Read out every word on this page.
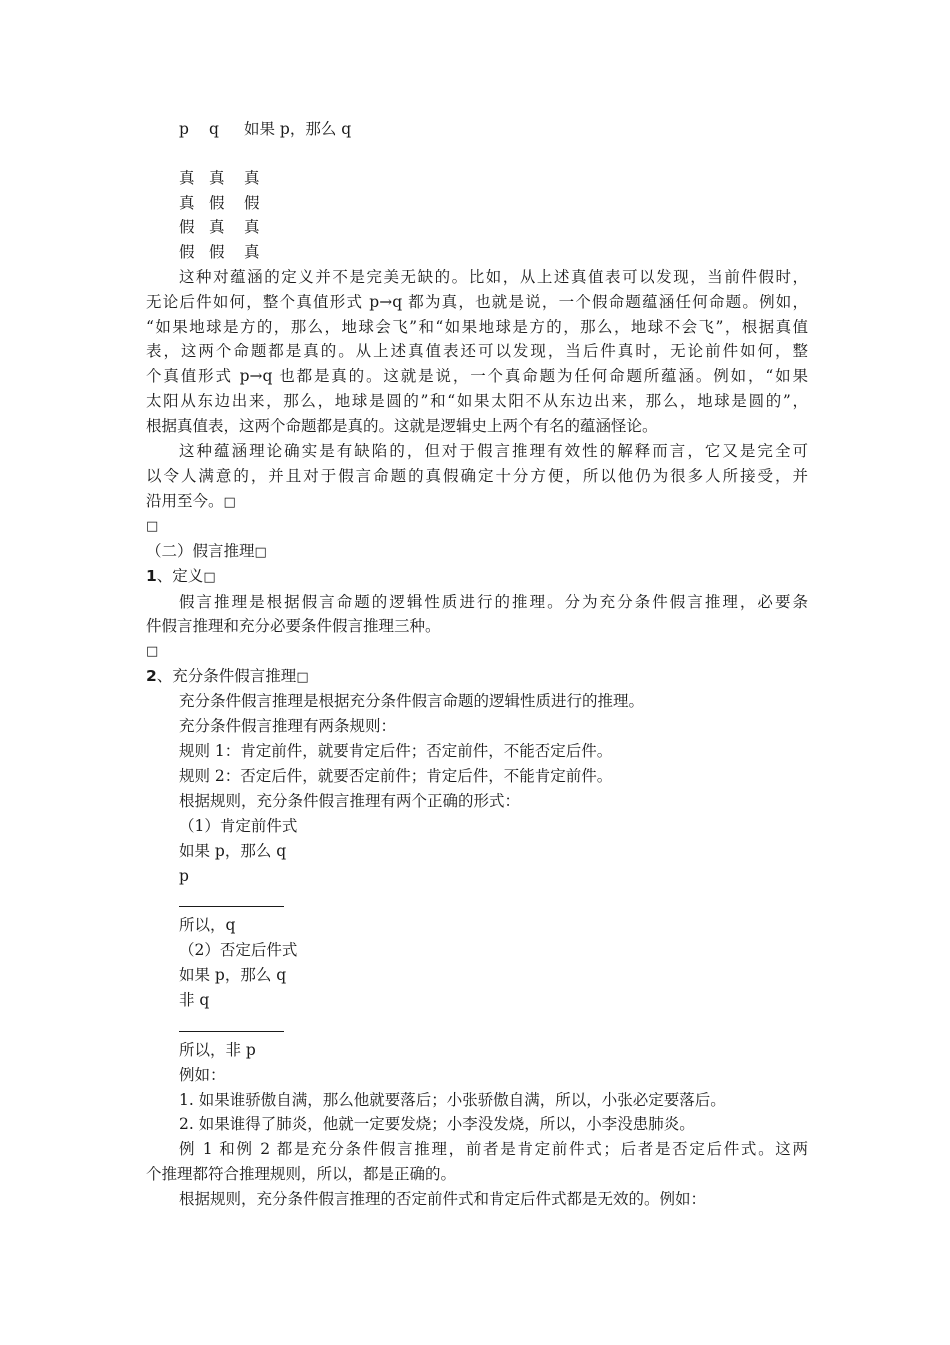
p q 如果 p，那么 q
真 真 真
真 假 假
假 真 真
假 假 真
这种对蕴涵的定义并不是完美无缺的。比如，从上述真值表可以发现，当前件假时，
无论后件如何，整个真值形式 p→q 都为真，也就是说，一个假命题蕴涵任何命题。例如，
“如果地球是方的，那么，地球会飞”和“如果地球是方的，那么，地球不会飞”，根据真值
表，这两个命题都是真的。从上述真值表还可以发现，当后件真时，无论前件如何，整
个真值形式 p→q 也都是真的。这就是说，一个真命题为任何命题所蕴涵。例如，“如果
太阳从东边出来，那么，地球是圆的”和“如果太阳不从东边出来，那么，地球是圆的”，
根据真值表，这两个命题都是真的。这就是逻辑史上两个有名的蕴涵怪论。
这种蕴涵理论确实是有缺陷的，但对于假言推理有效性的解释而言，它又是完全可
以令人满意的，并且对于假言命题的真假确定十分方便，所以他仍为很多人所接受，并
沿用至今。□
□
（二）假言推理□
1、定义□
假言推理是根据假言命题的逻辑性质进行的推理。分为充分条件假言推理，必要条
件假言推理和充分必要条件假言推理三种。
□
2、充分条件假言推理□
充分条件假言推理是根据充分条件假言命题的逻辑性质进行的推理。
充分条件假言推理有两条规则：
规则 1：肯定前件，就要肯定后件；否定前件，不能否定后件。
规则 2：否定后件，就要否定前件；肯定后件，不能肯定前件。
根据规则，充分条件假言推理有两个正确的形式：
（1）肯定前件式
如果 p，那么 q
p
所以，q
（2）否定后件式
如果 p，那么 q
非 q
所以，非 p
例如：
1. 如果谁骄傲自满，那么他就要落后；小张骄傲自满，所以，小张必定要落后。
2. 如果谁得了肺炎，他就一定要发烧；小李没发烧，所以，小李没患肺炎。
例 1 和例 2 都是充分条件假言推理，前者是肯定前件式；后者是否定后件式。这两
个推理都符合推理规则，所以，都是正确的。
根据规则，充分条件假言推理的否定前件式和肯定后件式都是无效的。例如：
